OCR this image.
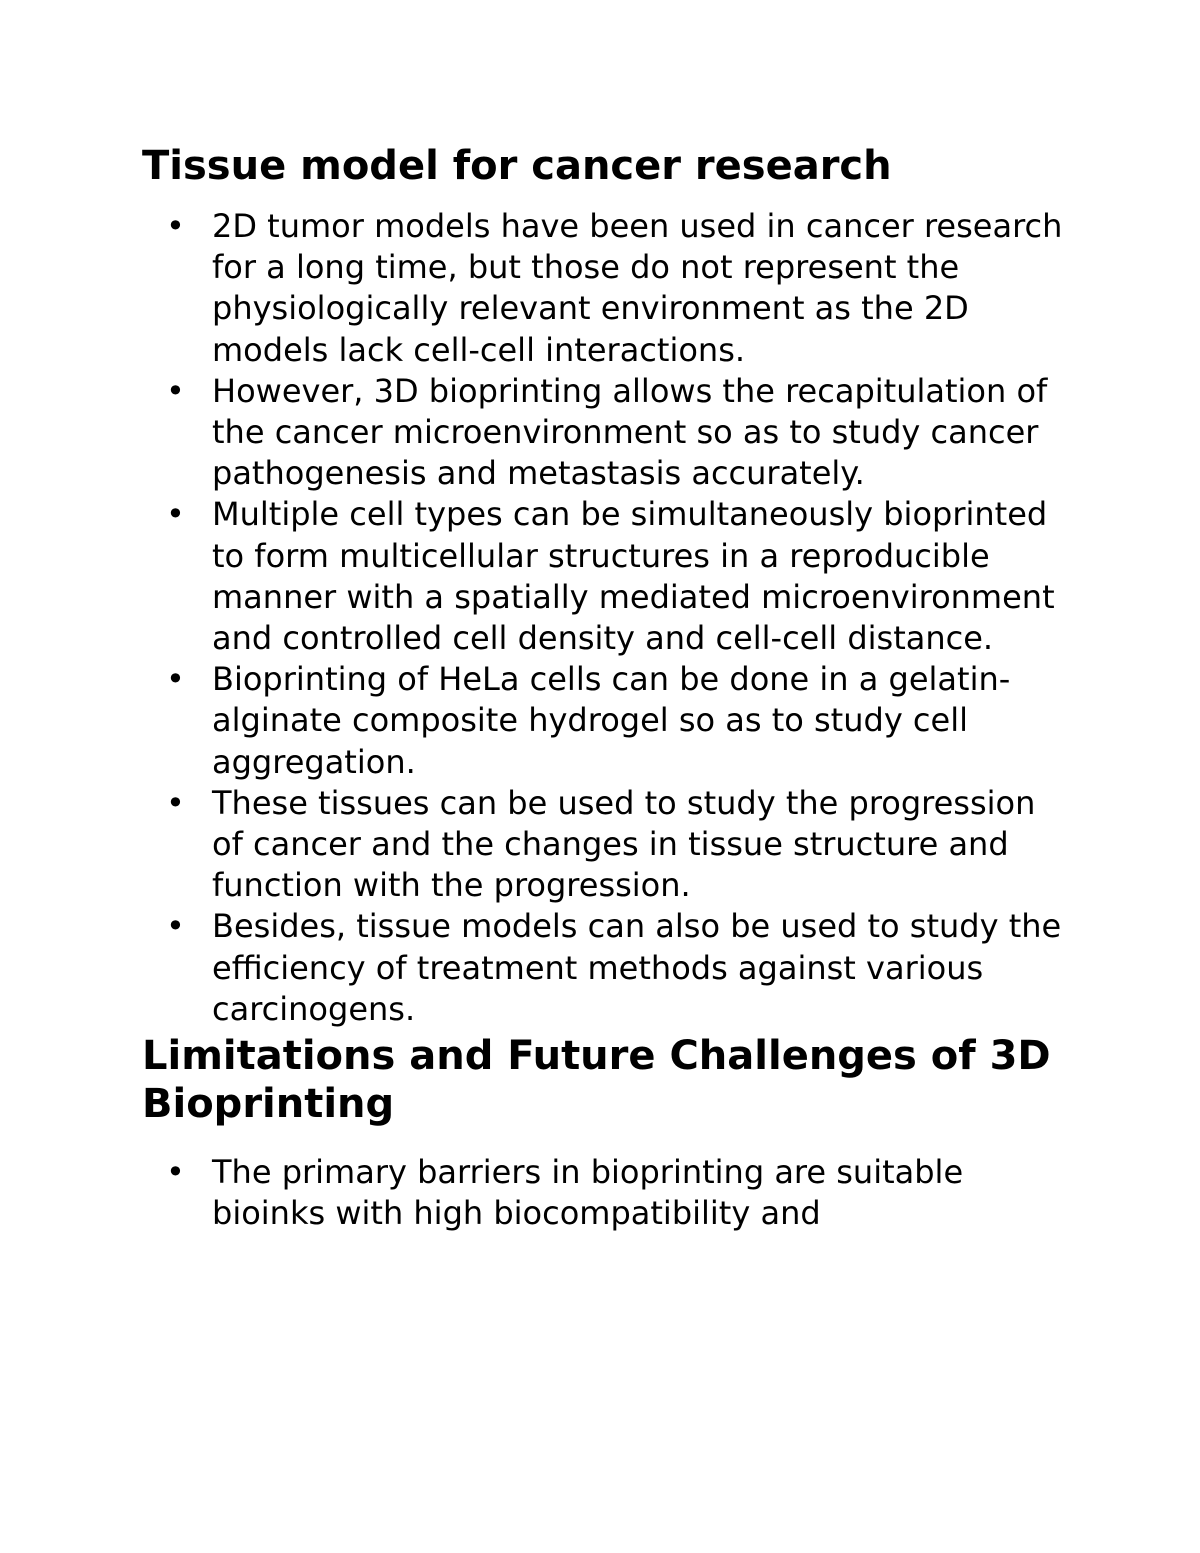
Tissue model for cancer research
• 2D tumor models have been used in cancer research for a long time, but those do not represent the physiologically relevant environment as the 2D models lack cell-cell interactions.
• However, 3D bioprinting allows the recapitulation of the cancer microenvironment so as to study cancer pathogenesis and metastasis accurately.
• Multiple cell types can be simultaneously bioprinted to form multicellular structures in a reproducible manner with a spatially mediated microenvironment and controlled cell density and cell-cell distance.
• Bioprinting of HeLa cells can be done in a gelatin-alginate composite hydrogel so as to study cell aggregation.
• These tissues can be used to study the progression of cancer and the changes in tissue structure and function with the progression.
• Besides, tissue models can also be used to study the efficiency of treatment methods against various carcinogens.
Limitations and Future Challenges of 3D Bioprinting
• The primary barriers in bioprinting are suitable bioinks with high biocompatibility and
